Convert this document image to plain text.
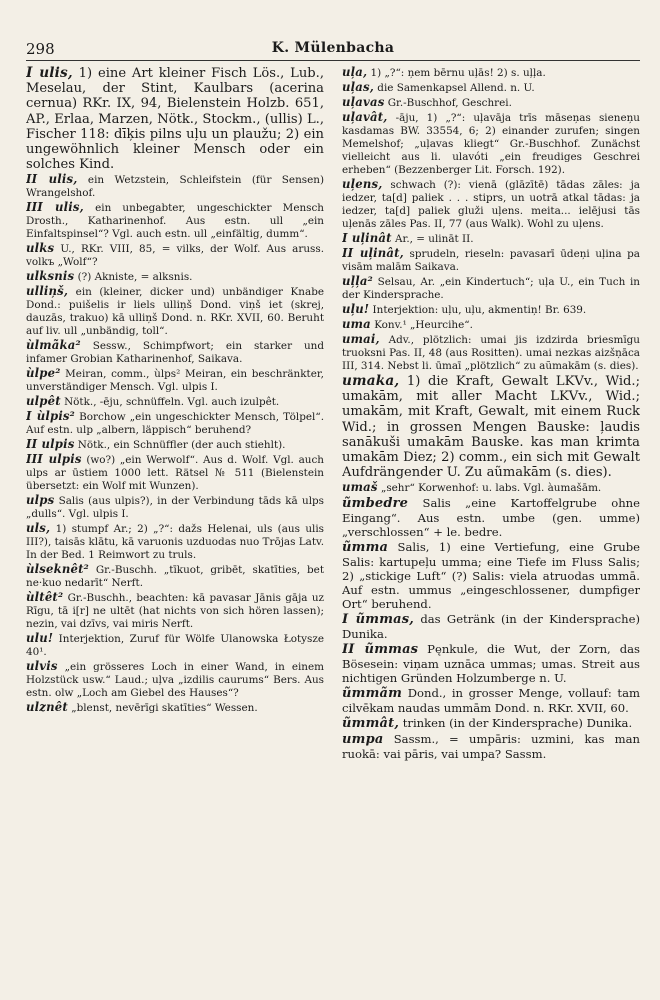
298	K. Mülenbacha

I ulis, 1) eine Art kleiner Fisch Lös., Lub., Meselau, der Stint, Kaulbars (acerina cernua) RKr. IX, 94, Bielenstein Holzb. 651, AP., Erlaa, Marzen, Nötk., Stockm., (ullis) L., Fischer 118: dīķis pilns uļu un plaužu; 2) ein ungewöhnlich kleiner Mensch oder ein solches Kind.

II ulis, ein Wetzstein, Schleifstein (für Sensen) Wrangelshof.

III ulis, ein unbegabter, ungeschickter Mensch Drosth., Katharinenhof. Aus estn. ull „ein Einfaltspinsel“? Vgl. auch estn. ull „einfältig, dumm“.

ulks U., RKr. VIII, 85, = vilks, der Wolf. Aus aruss. volkъ „Wolf“?

ulksnis (?) Akniste, = alksnis.

ulliņš, ein (kleiner, dicker und) unbändiger Knabe Dond.: puišelis ir liels ulliņš Dond. viņš iet (skrej, dauzās, trakuo) kā ulliņš Dond. n. RKr. XVII, 60. Beruht auf liv. ull „unbändig, toll“.

ùlmãka² Sessw., Schimpfwort; ein starker und infamer Grobian Katharinenhof, Saikava.

ùlpe² Meiran, comm., ùlps² Meiran, ein beschränkter, unverständiger Mensch. Vgl. ulpis I.

ulpêt Nötk., -ēju, schnüffeln. Vgl. auch izulpêt.

I ùlpis² Borchow „ein ungeschickter Mensch, Tölpel“. Auf estn. ulp „albern, läppisch“ beruhend?

II ulpis Nötk., ein Schnüffler (der auch stiehlt).

III ulpis (wo?) „ein Werwolf“. Aus d. Wolf. Vgl. auch ulps ar ūstiem 1000 lett. Rätsel № 511 (Bielenstein übersetzt: ein Wolf mit Wunzen).

ulps Salis (aus ulpis?), in der Verbindung tāds kā ulps „dulls“. Vgl. ulpis I.

uls, 1) stumpf Ar.; 2) „?“: dažs Helenai, uls (aus ulis III?), taisās klātu, kā varuonis uzduodas nuo Trōjas Latv. In der Bed. 1 Reimwort zu truls.

ùlseknêt² Gr.-Buschh. „tīkuot, gribēt, skatīties, bet ne·kuo nedarīt“ Nerft.

ùltêt² Gr.-Buschh., beachten: kā pavasar Jānis gāja uz Rīgu, tā i[r] ne ultēt (hat nichts von sich hören lassen); nezin, vai dzīvs, vai miris Nerft.

ulu! Interjektion, Zuruf für Wölfe Ulanowska Łotysze 40¹.

ulvis „ein grösseres Loch in einer Wand, in einem Holzstück usw.“ Laud.; uļva „izdilis caurums“ Bers. Aus estn. olw „Loch am Giebel des Hauses“?

ulznêt „blenst, nevērīgi skatīties“ Wessen.

uļa, 1) „?“: ņem bērnu uļās! 2) s. uļļa.

uļas, die Samenkapsel Allend. n. U.

uļavas Gr.-Buschhof, Geschrei.

uļavât, -āju, 1) „?“: uļavāja trīs māseņas sieneņu kasdamas BW. 33554, 6; 2) einander zurufen; singen Memelshof; „uļavas kliegt“ Gr.-Buschhof. Zunächst vielleicht aus li. ulavóti „ein freudiges Geschrei erheben“ (Bezzenberger Lit. Forsch. 192).

uļens, schwach (?): vienā (glāzītē) tādas zāles: ja iedzer, ta[d] paliek . . . stiprs, un uotrā atkal tādas: ja iedzer, ta[d] paliek gluži uļens. meita... ielējusi tās uļenās zāles Pas. II, 77 (aus Walk). Wohl zu uļens.

I uļinât Ar., = ulināt II.

II uļinât, sprudeln, rieseln: pavasarī ūdeņi uļina pa visām malām Saikava.

uļļa² Selsau, Ar. „ein Kindertuch“; uļa U., ein Tuch in der Kindersprache.

uļu! Interjektion: uļu, uļu, akmentiņ! Br. 639.

uma Konv.¹ „Heurcihe“.

umai, Adv., plötzlich: umai jis izdzirda briesmīgu truoksni Pas. II, 48 (aus Rositten). umai nezkas aizšņāca III, 314. Nebst li. ūmaī „plötzlich“ zu aũmakām (s. dies).

umaka, 1) die Kraft, Gewalt LKVv., Wid.; umakām, mit aller Macht LKVv., Wid.; umakām, mit Kraft, Gewalt, mit einem Ruck Wid.; in grossen Mengen Bauske: ļaudis sanākuši umakām Bauske. kas man krimta umakām Diez; 2) comm., ein sich mit Gewalt Aufdrängender U. Zu aũmakām (s. dies).

umaš „sehr“ Korwenhof: u. labs. Vgl. àumašām.

ũmbedre Salis „eine Kartoffelgrube ohne Eingang“. Aus estn. umbe (gen. umme) „verschlossen“ + le. bedre.

ũmma Salis, 1) eine Vertiefung, eine Grube Salis: kartupeļu umma; eine Tiefe im Fluss Salis; 2) „stickige Luft“ (?) Salis: viela atruodas ummā. Auf estn. ummus „eingeschlossener, dumpfiger Ort“ beruhend.

I ũmmas, das Getränk (in der Kindersprache) Dunika.

II ũmmas Pęnkule, die Wut, der Zorn, das Bösesein: viņam uznāca ummas; umas. Streit aus nichtigen Gründen Holzumberge n. U.

ũmmãm Dond., in grosser Menge, vollauf: tam cilvēkam naudas ummām Dond. n. RKr. XVII, 60.

ũmmât, trinken (in der Kindersprache) Dunika.

umpa Sassm., = umpāris: uzmini, kas man ruokā: vai pāris, vai umpa? Sassm.
